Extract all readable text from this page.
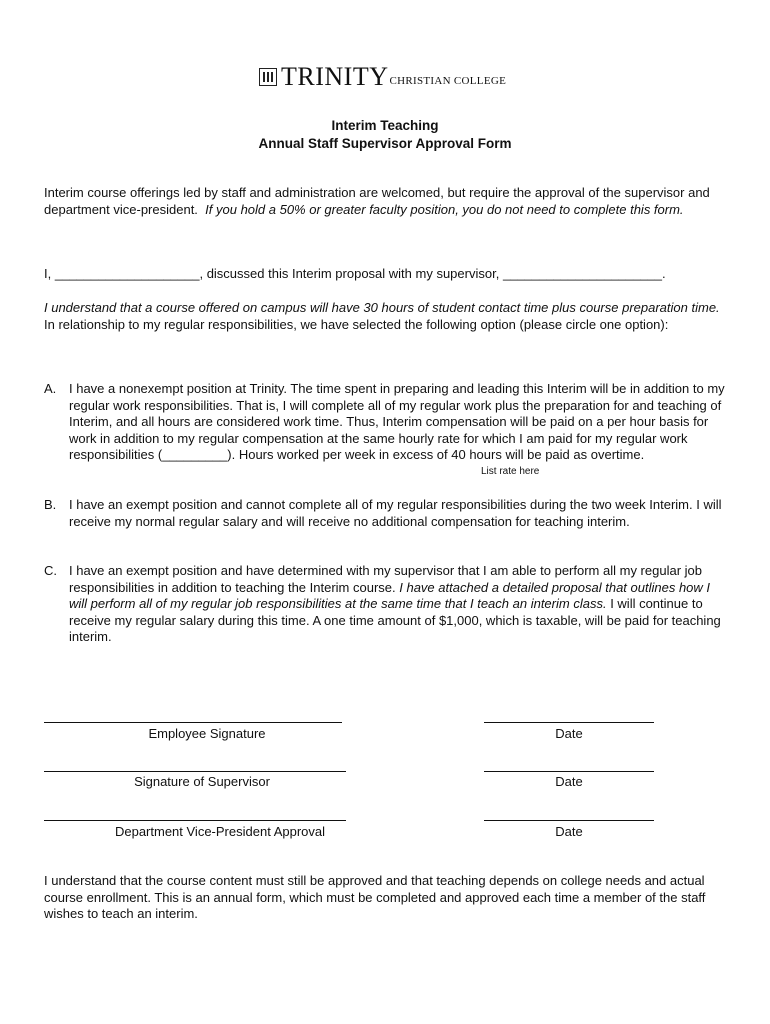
TRINITY CHRISTIAN COLLEGE
Interim Teaching
Annual Staff Supervisor Approval Form
Interim course offerings led by staff and administration are welcomed, but require the approval of the supervisor and department vice-president. If you hold a 50% or greater faculty position, you do not need to complete this form.
I, ____________________, discussed this Interim proposal with my supervisor, ______________________.
I understand that a course offered on campus will have 30 hours of student contact time plus course preparation time. In relationship to my regular responsibilities, we have selected the following option (please circle one option):
A. I have a nonexempt position at Trinity. The time spent in preparing and leading this Interim will be in addition to my regular work responsibilities. That is, I will complete all of my regular work plus the preparation for and teaching of Interim, and all hours are considered work time. Thus, Interim compensation will be paid on a per hour basis for work in addition to my regular compensation at the same hourly rate for which I am paid for my regular work responsibilities (_________). Hours worked per week in excess of 40 hours will be paid as overtime.
List rate here
B. I have an exempt position and cannot complete all of my regular responsibilities during the two week Interim. I will receive my normal regular salary and will receive no additional compensation for teaching interim.
C. I have an exempt position and have determined with my supervisor that I am able to perform all my regular job responsibilities in addition to teaching the Interim course. I have attached a detailed proposal that outlines how I will perform all of my regular job responsibilities at the same time that I teach an interim class. I will continue to receive my regular salary during this time. A one time amount of $1,000, which is taxable, will be paid for teaching interim.
Employee Signature	Date
Signature of Supervisor	Date
Department Vice-President Approval	Date
I understand that the course content must still be approved and that teaching depends on college needs and actual course enrollment. This is an annual form, which must be completed and approved each time a member of the staff wishes to teach an interim.
